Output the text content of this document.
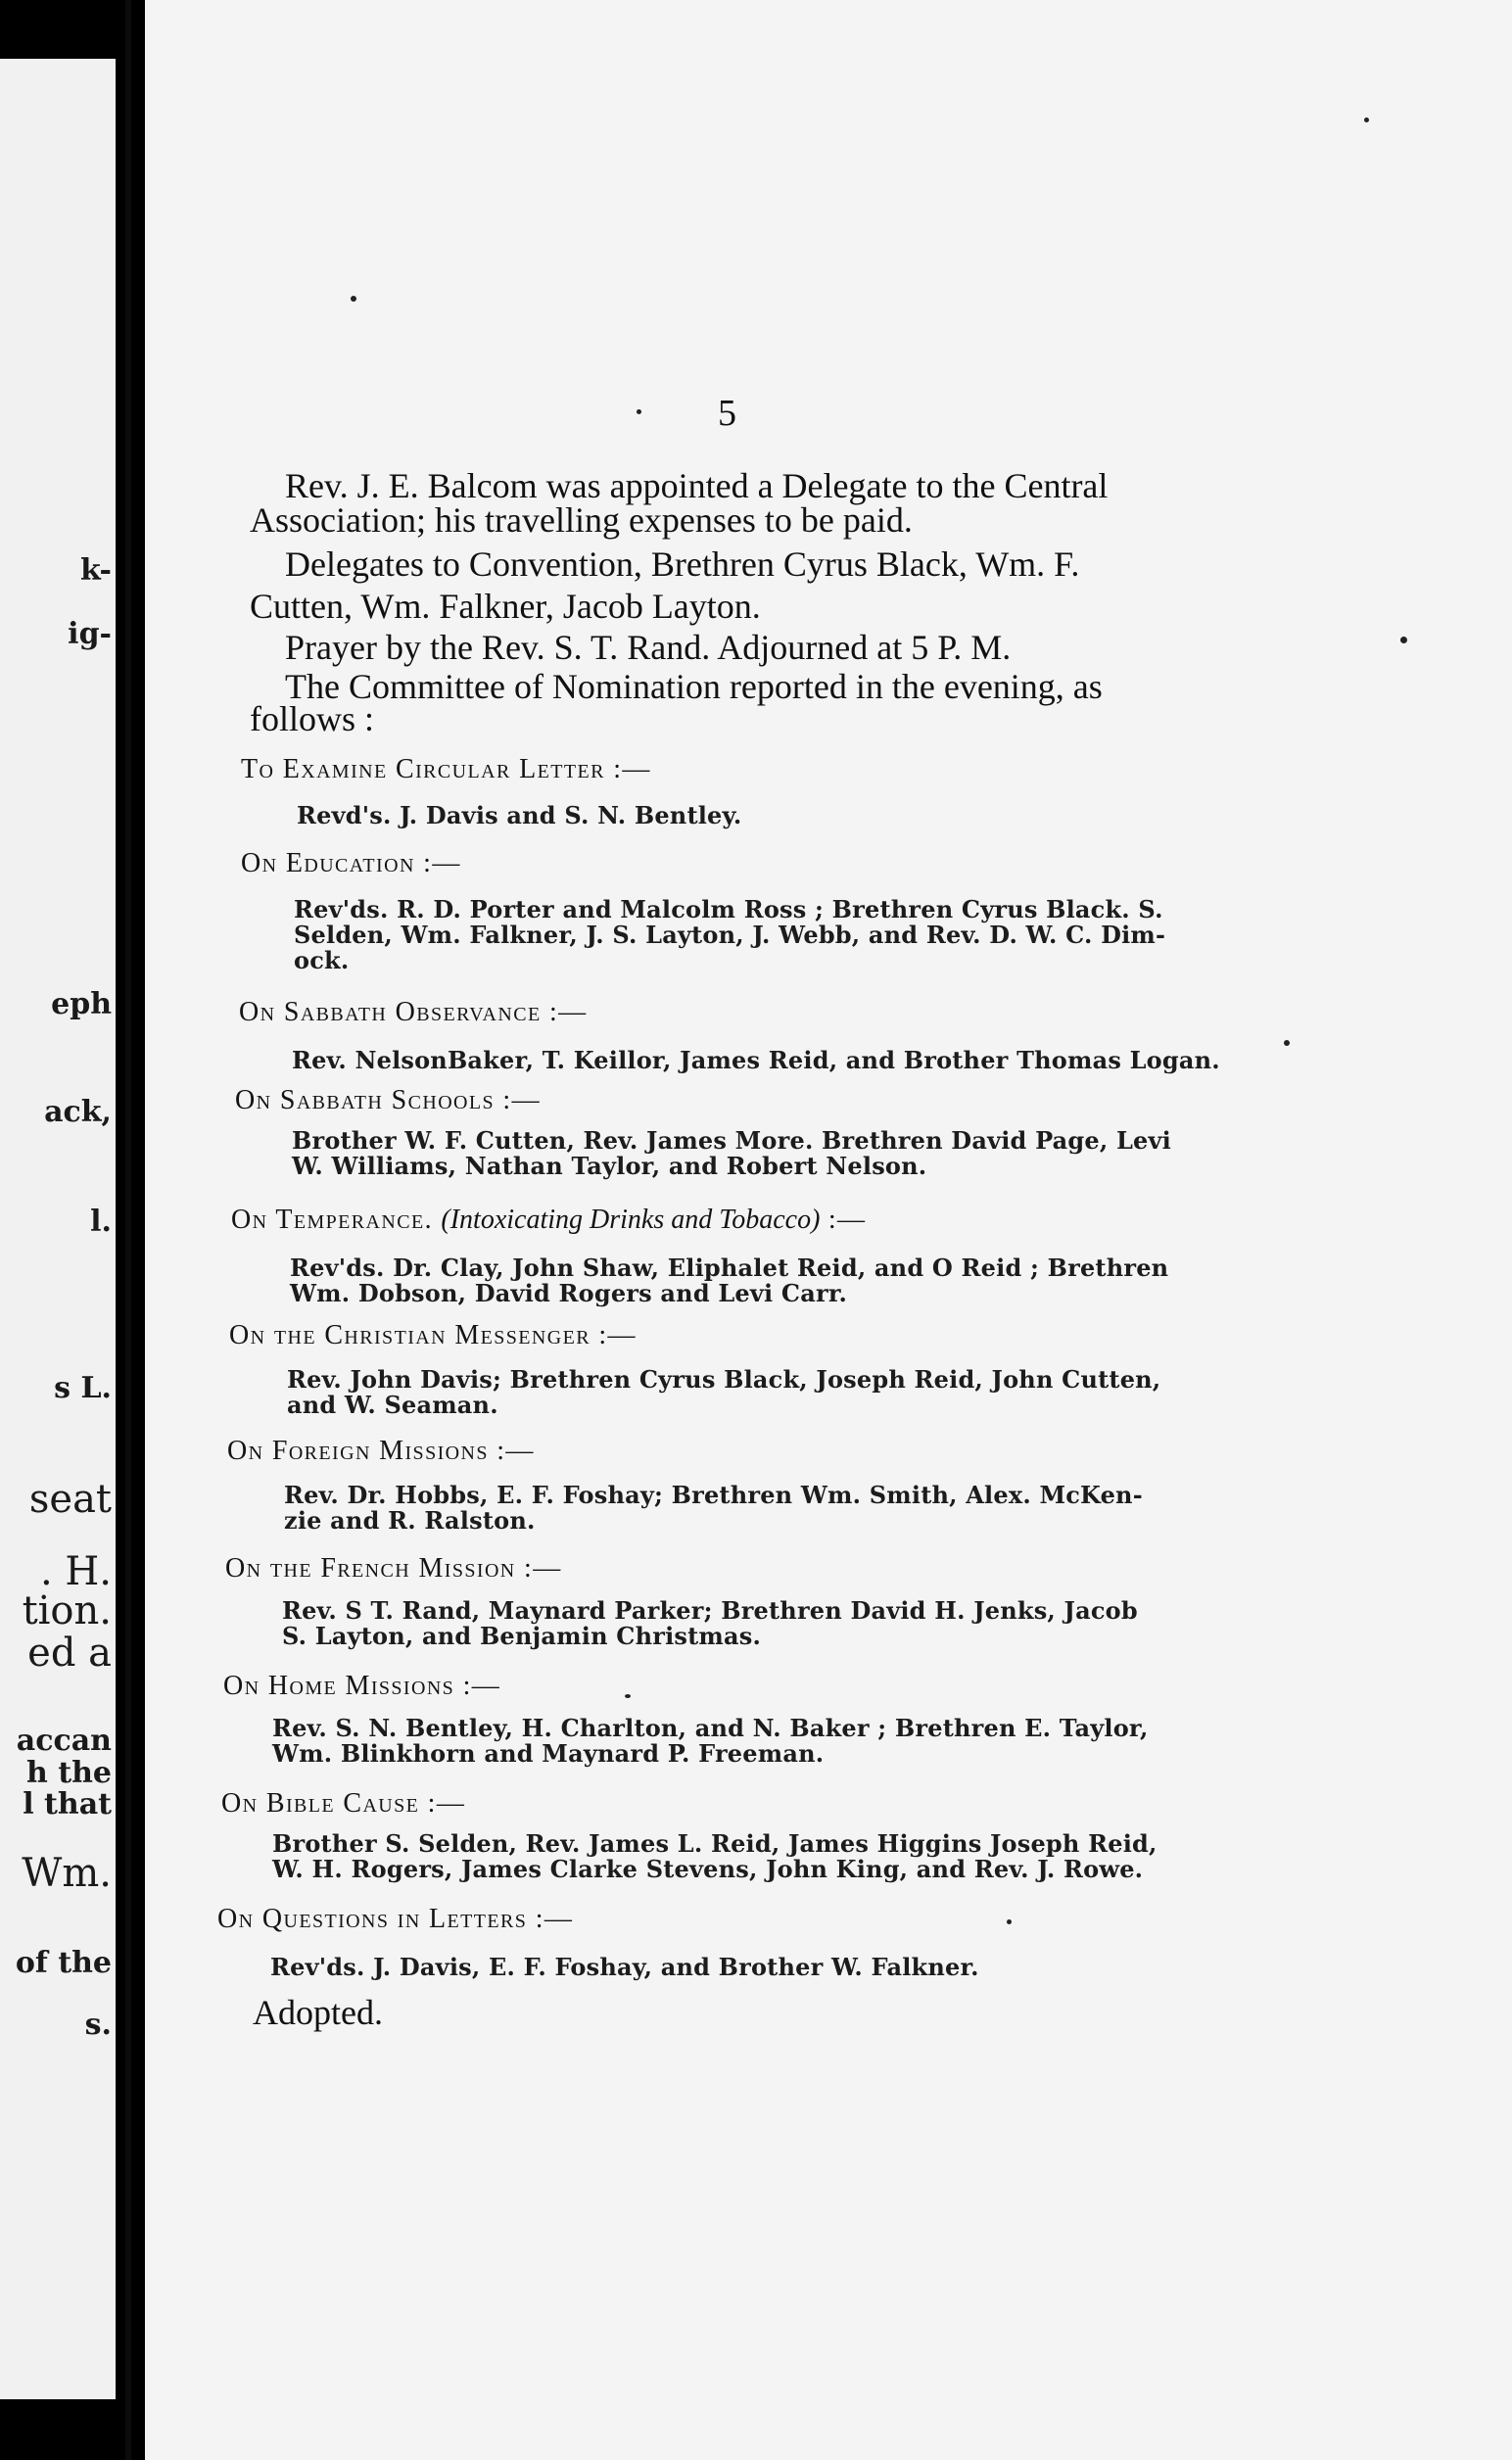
k-
ig-
eph
ack,
l.
s L.
seat
. H.
tion.
ed a
accan
h the
l that
Wm.
of the
s.
5
Rev. J. E. Balcom was appointed a Delegate to the Central
Association; his travelling expenses to be paid.
Delegates to Convention, Brethren Cyrus Black, Wm. F.
Cutten, Wm. Falkner, Jacob Layton.
Prayer by the Rev. S. T. Rand. Adjourned at 5 P. M.
The Committee of Nomination reported in the evening, as
follows :
To Examine Circular Letter :—
Revd's. J. Davis and S. N. Bentley.
On Education :—
Rev'ds. R. D. Porter and Malcolm Ross ; Brethren Cyrus Black. S.
Selden, Wm. Falkner, J. S. Layton, J. Webb, and Rev. D. W. C. Dim-
ock.
On Sabbath Observance :—
Rev. NelsonBaker, T. Keillor, James Reid, and Brother Thomas Logan.
On Sabbath Schools :—
Brother W. F. Cutten, Rev. James More. Brethren David Page, Levi
W. Williams, Nathan Taylor, and Robert Nelson.
On Temperance. (Intoxicating Drinks and Tobacco) :—
Rev'ds. Dr. Clay, John Shaw, Eliphalet Reid, and O Reid ; Brethren
Wm. Dobson, David Rogers and Levi Carr.
On the Christian Messenger :—
Rev. John Davis; Brethren Cyrus Black, Joseph Reid, John Cutten,
and W. Seaman.
On Foreign Missions :—
Rev. Dr. Hobbs, E. F. Foshay; Brethren Wm. Smith, Alex. McKen-
zie and R. Ralston.
On the French Mission :—
Rev. S T. Rand, Maynard Parker; Brethren David H. Jenks, Jacob
S. Layton, and Benjamin Christmas.
On Home Missions :—
Rev. S. N. Bentley, H. Charlton, and N. Baker ; Brethren E. Taylor,
Wm. Blinkhorn and Maynard P. Freeman.
On Bible Cause :—
Brother S. Selden, Rev. James L. Reid, James Higgins Joseph Reid,
W. H. Rogers, James Clarke Stevens, John King, and Rev. J. Rowe.
On Questions in Letters :—
Rev'ds. J. Davis, E. F. Foshay, and Brother W. Falkner.
Adopted.
